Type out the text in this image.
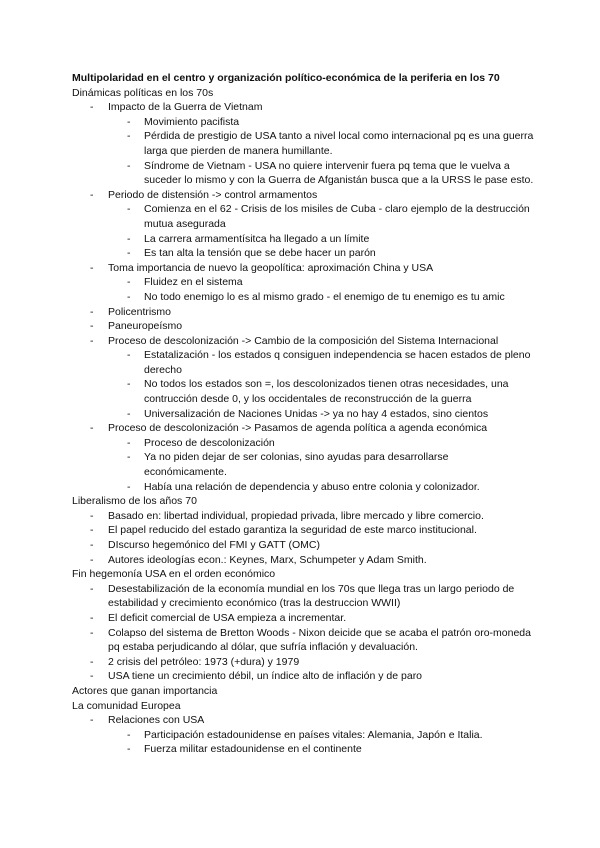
Multipolaridad en el centro y organización político-económica de la periferia en los 70
Dinámicas políticas en los 70s
- Impacto de la Guerra de Vietnam
- Movimiento pacifista
- Pérdida de prestigio de USA tanto a nivel local como internacional pq es una guerra larga que pierden de manera humillante.
- Síndrome de Vietnam - USA no quiere intervenir fuera pq tema que le vuelva a suceder lo mismo y con la Guerra de Afganistán busca que a la URSS le pase esto.
- Periodo de distensión -> control armamentos
- Comienza en el 62 - Crisis de los misiles de Cuba - claro ejemplo de la destrucción mutua asegurada
- La carrera armamentísitca ha llegado a un límite
- Es tan alta la tensión que se debe hacer un parón
- Toma importancia de nuevo la geopolítica: aproximación China y USA
- Fluidez en el sistema
- No todo enemigo lo es al mismo grado - el enemigo de tu enemigo es tu amic
- Policentrismo
- Paneuropeísmo
- Proceso de descolonización -> Cambio de la composición del Sistema Internacional
- Estatalización - los estados q consiguen independencia se hacen estados de pleno derecho
- No todos los estados son =, los descolonizados tienen otras necesidades, una contrucción desde 0, y los occidentales de reconstrucción de la guerra
- Universalización de Naciones Unidas -> ya no hay 4 estados, sino cientos
- Proceso de descolonización -> Pasamos de agenda política a agenda económica
- Proceso de descolonización
- Ya no piden dejar de ser colonias, sino ayudas para desarrollarse económicamente.
- Había una relación de dependencia y abuso entre colonia y colonizador.
Liberalismo de los años 70
- Basado en: libertad individual, propiedad privada, libre mercado y libre comercio.
- El papel reducido del estado garantiza la seguridad de este marco institucional.
- DIscurso hegemónico del FMI y GATT (OMC)
- Autores ideologías econ.: Keynes, Marx, Schumpeter y Adam Smith.
Fin hegemonía USA en el orden económico
- Desestabilización de la economía mundial en los 70s que llega tras un largo periodo de estabilidad y crecimiento económico (tras la destruccion WWII)
- El deficit comercial de USA empieza a incrementar.
- Colapso del sistema de Bretton Woods - Nixon deicide que se acaba el patrón oro-moneda pq estaba perjudicando al dólar, que sufría inflación y devaluación.
- 2 crisis del petróleo: 1973 (+dura) y 1979
- USA tiene un crecimiento débil, un índice alto de inflación y de paro
Actores que ganan importancia
La comunidad Europea
- Relaciones con USA
- Participación estadounidense en países vitales: Alemania, Japón e Italia.
- Fuerza militar estadounidense en el continente
